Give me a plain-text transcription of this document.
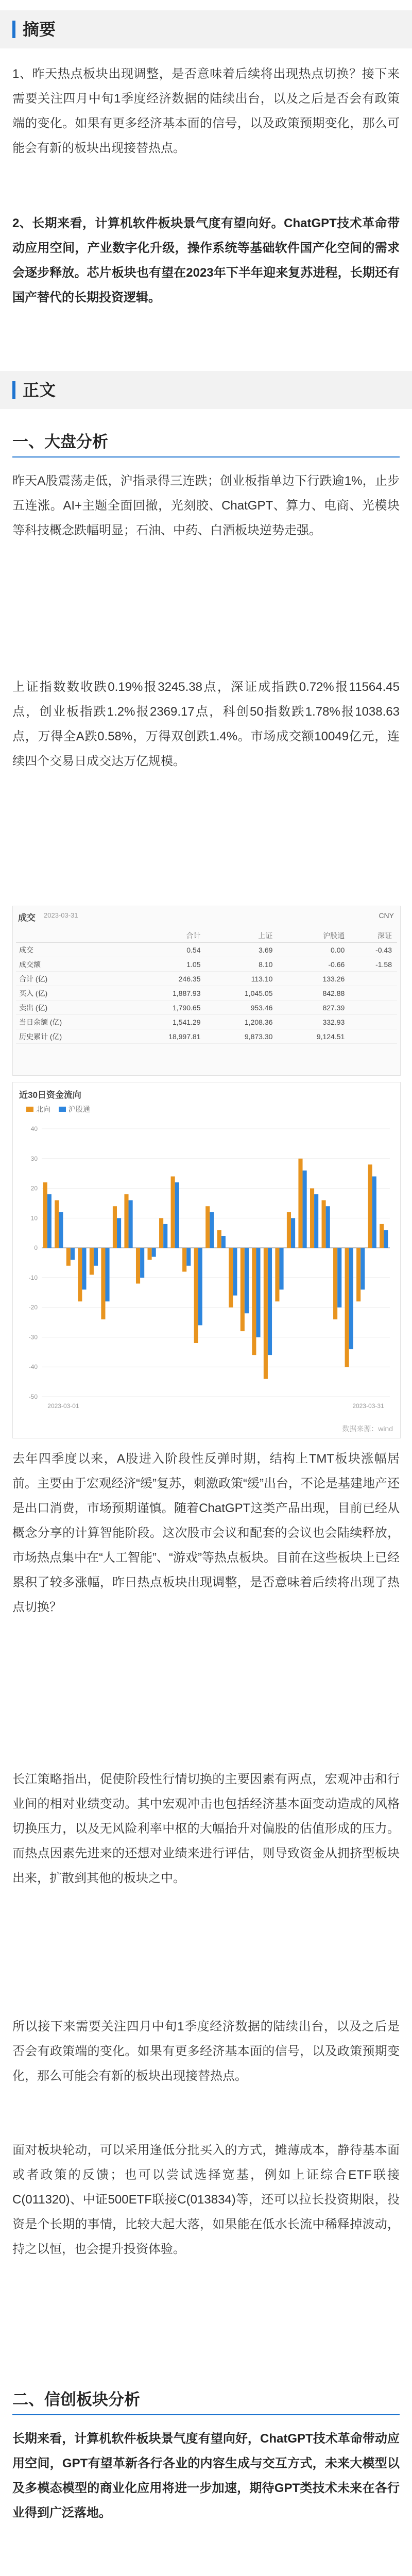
摘要
1、昨天热点板块出现调整，是否意味着后续将出现热点切换？接下来需要关注四月中旬1季度经济数据的陆续出台，以及之后是否会有政策端的变化。如果有更多经济基本面的信号，以及政策预期变化，那么可能会有新的板块出现接替热点。
2、长期来看，计算机软件板块景气度有望向好。ChatGPT技术革命带动应用空间，产业数字化升级，操作系统等基础软件国产化空间的需求会逐步释放。芯片板块也有望在2023年下半年迎来复苏进程，长期还有国产替代的长期投资逻辑。
正文
一、大盘分析
昨天A股震荡走低，沪指录得三连跌；创业板指单边下行跌逾1%，止步五连涨。AI+主题全面回撤，光刻胶、ChatGPT、算力、电商、光模块等科技概念跌幅明显；石油、中药、白酒板块逆势走强。
上证指数数收跌0.19%报3245.38点，深证成指跌0.72%报11564.45点，创业板指跌1.2%报2369.17点，科创50指数跌1.78%报1038.63点，万得全A跌0.58%，万得双创跌1.4%。市场成交额10049亿元，连续四个交易日成交达万亿规模。
成交 2023-03-31	CNY
	合计	上证	沪股通	深证
成交	0.54	3.69	0.00	-0.43
成交额	1.05	8.10	-0.66	-1.58
合计 (亿)	246.35	113.10	133.26	
买入 (亿)	1,887.93	1,045.05	842.88	
卖出 (亿)	1,790.65	953.46	827.39	
当日余额 (亿)	1,541.29	1,208.36	332.93	
历史累计 (亿)	18,997.81	9,873.30	9,124.51	
近30日资金流向
北向 沪股通
-50
-40
-30
-20
-10
0
10
20
30
40
2023-03-01	2023-03-31
数据来源：wind
去年四季度以来，A股进入阶段性反弹时期，结构上TMT板块涨幅居前。主要由于宏观经济“缓”复苏，刺激政策“缓”出台，不论是基建地产还是出口消费，市场预期谨慎。随着ChatGPT这类产品出现，目前已经从概念分享的计算智能阶段。这次股市会议和配套的会议也会陆续释放，市场热点集中在“人工智能”、“游戏”等热点板块。目前在这些板块上已经累积了较多涨幅，昨日热点板块出现调整，是否意味着后续将出现了热点切换？
长江策略指出，促使阶段性行情切换的主要因素有两点，宏观冲击和行业间的相对业绩变动。其中宏观冲击也包括经济基本面变动造成的风格切换压力，以及无风险利率中枢的大幅抬升对偏股的估值形成的压力。而热点因素先进来的还想对业绩来进行评估，则导致资金从拥挤型板块出来，扩散到其他的板块之中。
所以接下来需要关注四月中旬1季度经济数据的陆续出台，以及之后是否会有政策端的变化。如果有更多经济基本面的信号，以及政策预期变化，那么可能会有新的板块出现接替热点。
面对板块轮动，可以采用逢低分批买入的方式，摊薄成本，静待基本面或者政策的反馈；也可以尝试选择宽基，例如上证综合ETF联接C(011320)、中证500ETF联接C(013834)等，还可以拉长投资期限，投资是个长期的事情，比较大起大落，如果能在低水长流中稀释掉波动，持之以恒，也会提升投资体验。
二、信创板块分析
长期来看，计算机软件板块景气度有望向好，ChatGPT技术革命带动应用空间，GPT有望革新各行各业的内容生成与交互方式，未来大模型以及多模态模型的商业化应用将进一步加速，期待GPT类技术未来在各行业得到广泛落地。
